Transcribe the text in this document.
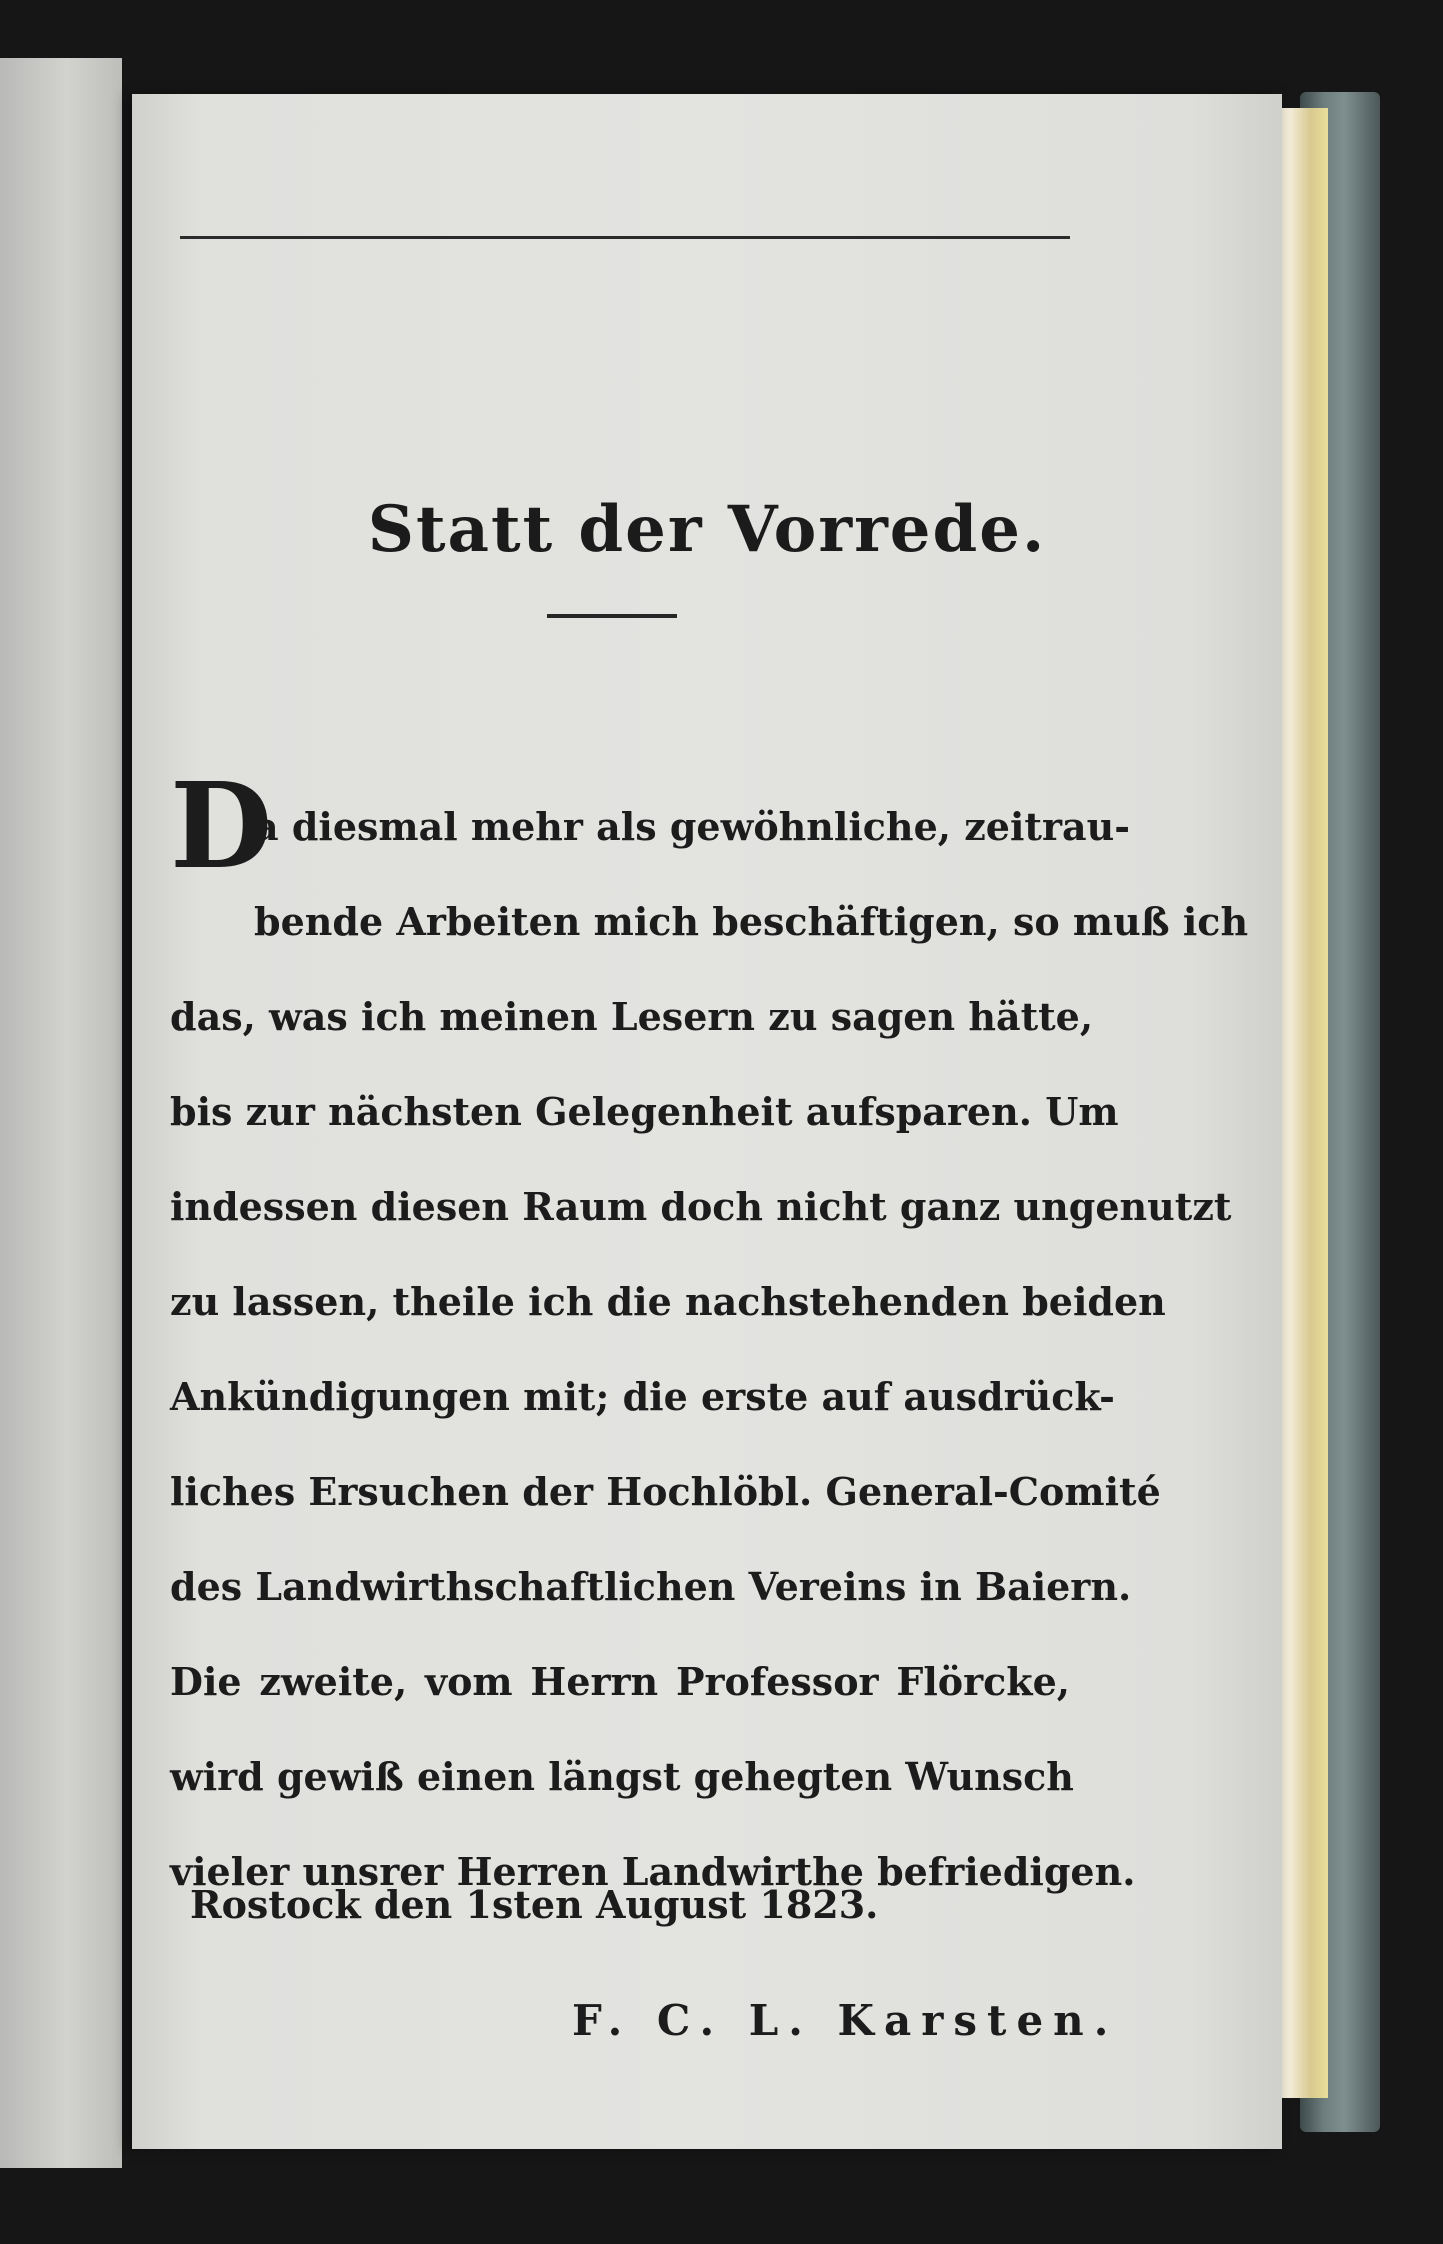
Statt der Vorrede.
D
a diesmal mehr als gewöhnliche, zeitrau-
bende Arbeiten mich beschäftigen, so muß ich
das, was ich meinen Lesern zu sagen hätte,
bis zur nächsten Gelegenheit aufsparen. Um
indessen diesen Raum doch nicht ganz ungenutzt
zu lassen, theile ich die nachstehenden beiden
Ankündigungen mit; die erste auf ausdrück-
liches Ersuchen der Hochlöbl. General-Comité
des Landwirthschaftlichen Vereins in Baiern.
Die zweite, vom Herrn Professor Flörcke,
wird gewiß einen längst gehegten Wunsch
vieler unsrer Herren Landwirthe befriedigen.
Rostock den 1sten August 1823.
F. C. L. Karsten.
